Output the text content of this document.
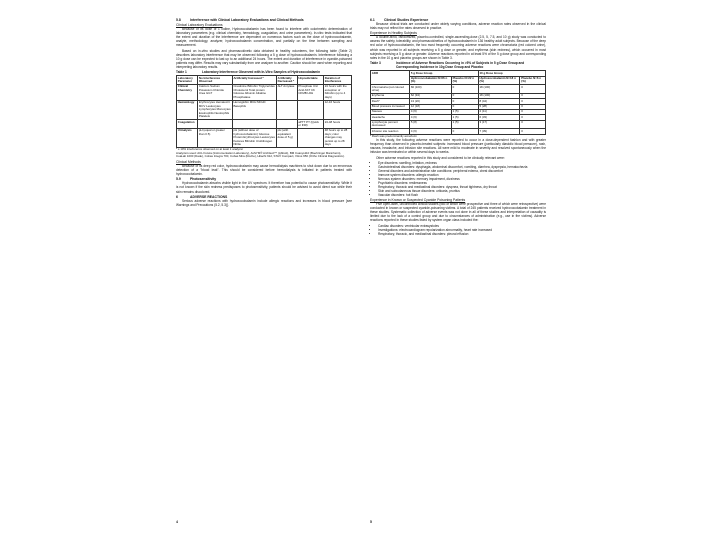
5.8	Interference with Clinical Laboratory Evaluations and Clinical Methods
Clinical Laboratory Evaluations

Because of its dose of 1 iodine, Hydroxocobalamin has been found to interfere with colorimetric determination of laboratory parameters (e.g. clinical chemistry, hematology, coagulation, and urine parameters). In-vitro tests indicated that the extent and duration of the interference are dependent on numerous factors such as the dose of hydroxocobalamin, analyte, methodology, analyzer, hydroxocobalamin concentration, and partially on the time between sampling and measurement.

Based on in-vitro studies and pharmacokinetic data obtained in healthy volunteers, the following table (Table 2) describes laboratory interference that may be observed following a 5 g dose of hydroxocobalamin. Interference following a 10 g dose can be expected to last up to an additional 24 hours. The extent and duration of interference in cyanide-poisoned patients may differ. Results may vary substantially from one analyzer to another. Caution should be used when reporting and interpreting laboratory results.

Table 1	Laboratory Interference Observed with In-Vitro Samples of Hydroxocobalamin
Laboratory Parameter	No Interference Observed	Artificially Increased *	Artificially Decreased *	Unpredictable	Duration of Interference
Clinical Chemistry	Calcium Sodium Potassium Chloride Urea GGT	Creatinine Bilirubin Triglycerides Cholesterol Total protein Glucose Albumin Alkaline Phosphatase	ALT Amylase	Phosphate Uric Acid AST CK CKMB LDH	24 hours with the exception of bilirubin (up to 4 days)
Hematology	Erythrocytes Hematocrit MCV Leukocytes Lymphocytes Monocytes Eosinophils Neutrophils Platelets	Hemoglobin MCH MCHC Basophils			12-16 hours
Coagulation				aPTT PT (Quick or INR)	24-48 hours
Urinalysis	pH (equal or greater than 0.5)	pH (without dose of hydroxocobalamin) Glucose Protein Erythrocytes Leukocytes Ketones Bilirubin Urobilinogen Nitrite	pH (with equivalent dose of 5 g)		48 hours up to 28 days; color changes may persist up to 28 days
* ≥ 10% interference observed on at least 1 analyzer
Analyzers used: ACL Futura (Instrumentation Laboratory), AxSYM® Architect™ (Abbott), BM Coasys110 (Boehringer Mannheim), CoaLab 1000 (Dade), Cobas Integra 700, Cobas Mira (Roche), Hitachi 912, STA® Compact, Vitros 950 (Ortho Clinical Diagnostics).
Clinical Methods

Because of its deep red color, hydroxocobalamin may cause hemodialysis machines to shut down due to an erroneous detection of a "blood leak". This should be considered before hemodialysis is initiated in patients treated with hydroxocobalamin.

5.9	Photosensitivity

Hydroxocobalamin absorbs visible light in the UV spectrum. It therefore has potential to cause photosensitivity. While it is not known if the skin redness predisposes to photosensitivity, patients should be advised to avoid direct sun while their skin remains discolored.

6	ADVERSE REACTIONS

Serious adverse reactions with hydroxocobalamin include allergic reactions and increases in blood pressure [see Warnings and Precautions (5.2, 5.3)].

6.1	Clinical Studies Experience

Because clinical trials are conducted under widely varying conditions, adverse reaction rates observed in the clinical trials may not reflect the rates observed in practice.

Experience in Healthy Subjects

A double-blind, randomized, placebo-controlled, single-ascending-dose (2.5, 5, 7.5, and 10 g) study was conducted to assess the safety, tolerability, and pharmacokinetics of hydroxocobalamin in 136 healthy adult subjects. Because of the deep red color of hydroxocobalamin, the two most frequently occurring adverse reactions were chromaturia (red colored urine), which was reported in all subjects receiving a 5 g dose or greater, and erythema (skin redness), which occurred in most subjects receiving a 5 g dose or greater. Adverse reactions reported in at least 5% of the 5 g dose group and corresponding rates in the 10 g and placebo groups are shown in Table 3.

Table 3	Incidence of Adverse Reactions Occurring in >5% of Subjects in 5 g Dose Group and Corresponding Incidence in 10g Dose Group and Placebo
ADR	5 g Dose Group		10 g Dose Group	
	Hydroxocobalamin N=66 n (%)	Placebo N=22 n (%)	Hydroxocobalamin N=18 n (%)	Placebo N=6 n (%)
Chromaturia (red colored urine)	66 (100)	0	18 (100)	0
Erythema	62 (94)	0	18 (100)	0
Rash*	13 (20)	0	8 (44)	0
Blood pressure increased	12 (18)	0	5 (28)	0
Nausea	4 (6)	1 (5)	2 (11)	0
Headache	4 (6)	1 (5)	6 (33)	0
Lymphocyte percent decreased	5 (8)	1 (5)	3 (17)	0
Infusion site reaction	4 (6)	0	7 (39)	0
* Rash was predominantly acneiform

In this study, the following adverse reactions were reported to occur in a dose-dependent fashion and with greater frequency than observed in placebo-treated subjects: increased blood pressure (particularly diastolic blood pressure), rash, nausea, headache, and infusion site reactions. All were mild to moderate in severity and resolved spontaneously when the infusion was terminated or within several days to weeks.

Other adverse reactions reported in this study and considered to be clinically relevant were:

• Eye disorders: swelling, irritation, redness
• Gastrointestinal disorders: dysphagia, abdominal discomfort, vomiting, diarrhea, dyspepsia, hematochezia
• General disorders and administration site conditions: peripheral edema, chest discomfort
• Immune system disorders: allergic reaction
• Nervous system disorders: memory impairment, dizziness
• Psychiatric disorders: restlessness
• Respiratory, thoracic and mediastinal disorders: dyspnea, throat tightness, dry throat
• Skin and subcutaneous tissue disorders: urticaria, pruritus
• Vascular disorders: hot flush
Experience in Known or Suspected Cyanide Poisoning Patients

Five open-label, uncontrolled clinical studies (two of which were prospective and three of which were retrospective) were conducted in known or suspected cyanide-poisoning victims. A total of 245 patients received hydroxocobalamin treatment in these studies. Systematic collection of adverse events was not done in all of these studies and interpretation of causality is limited due to the lack of a control group and due to circumstances of administration (e.g., use in fire victims). Adverse reactions reported in these studies listed by system organ class included the:

• Cardiac disorders: ventricular extrasystoles
• Investigations: electrocardiogram repolarization abnormality, heart rate increased
• Respiratory, thoracic, and mediastinal disorders: pleural effusion
4	5
